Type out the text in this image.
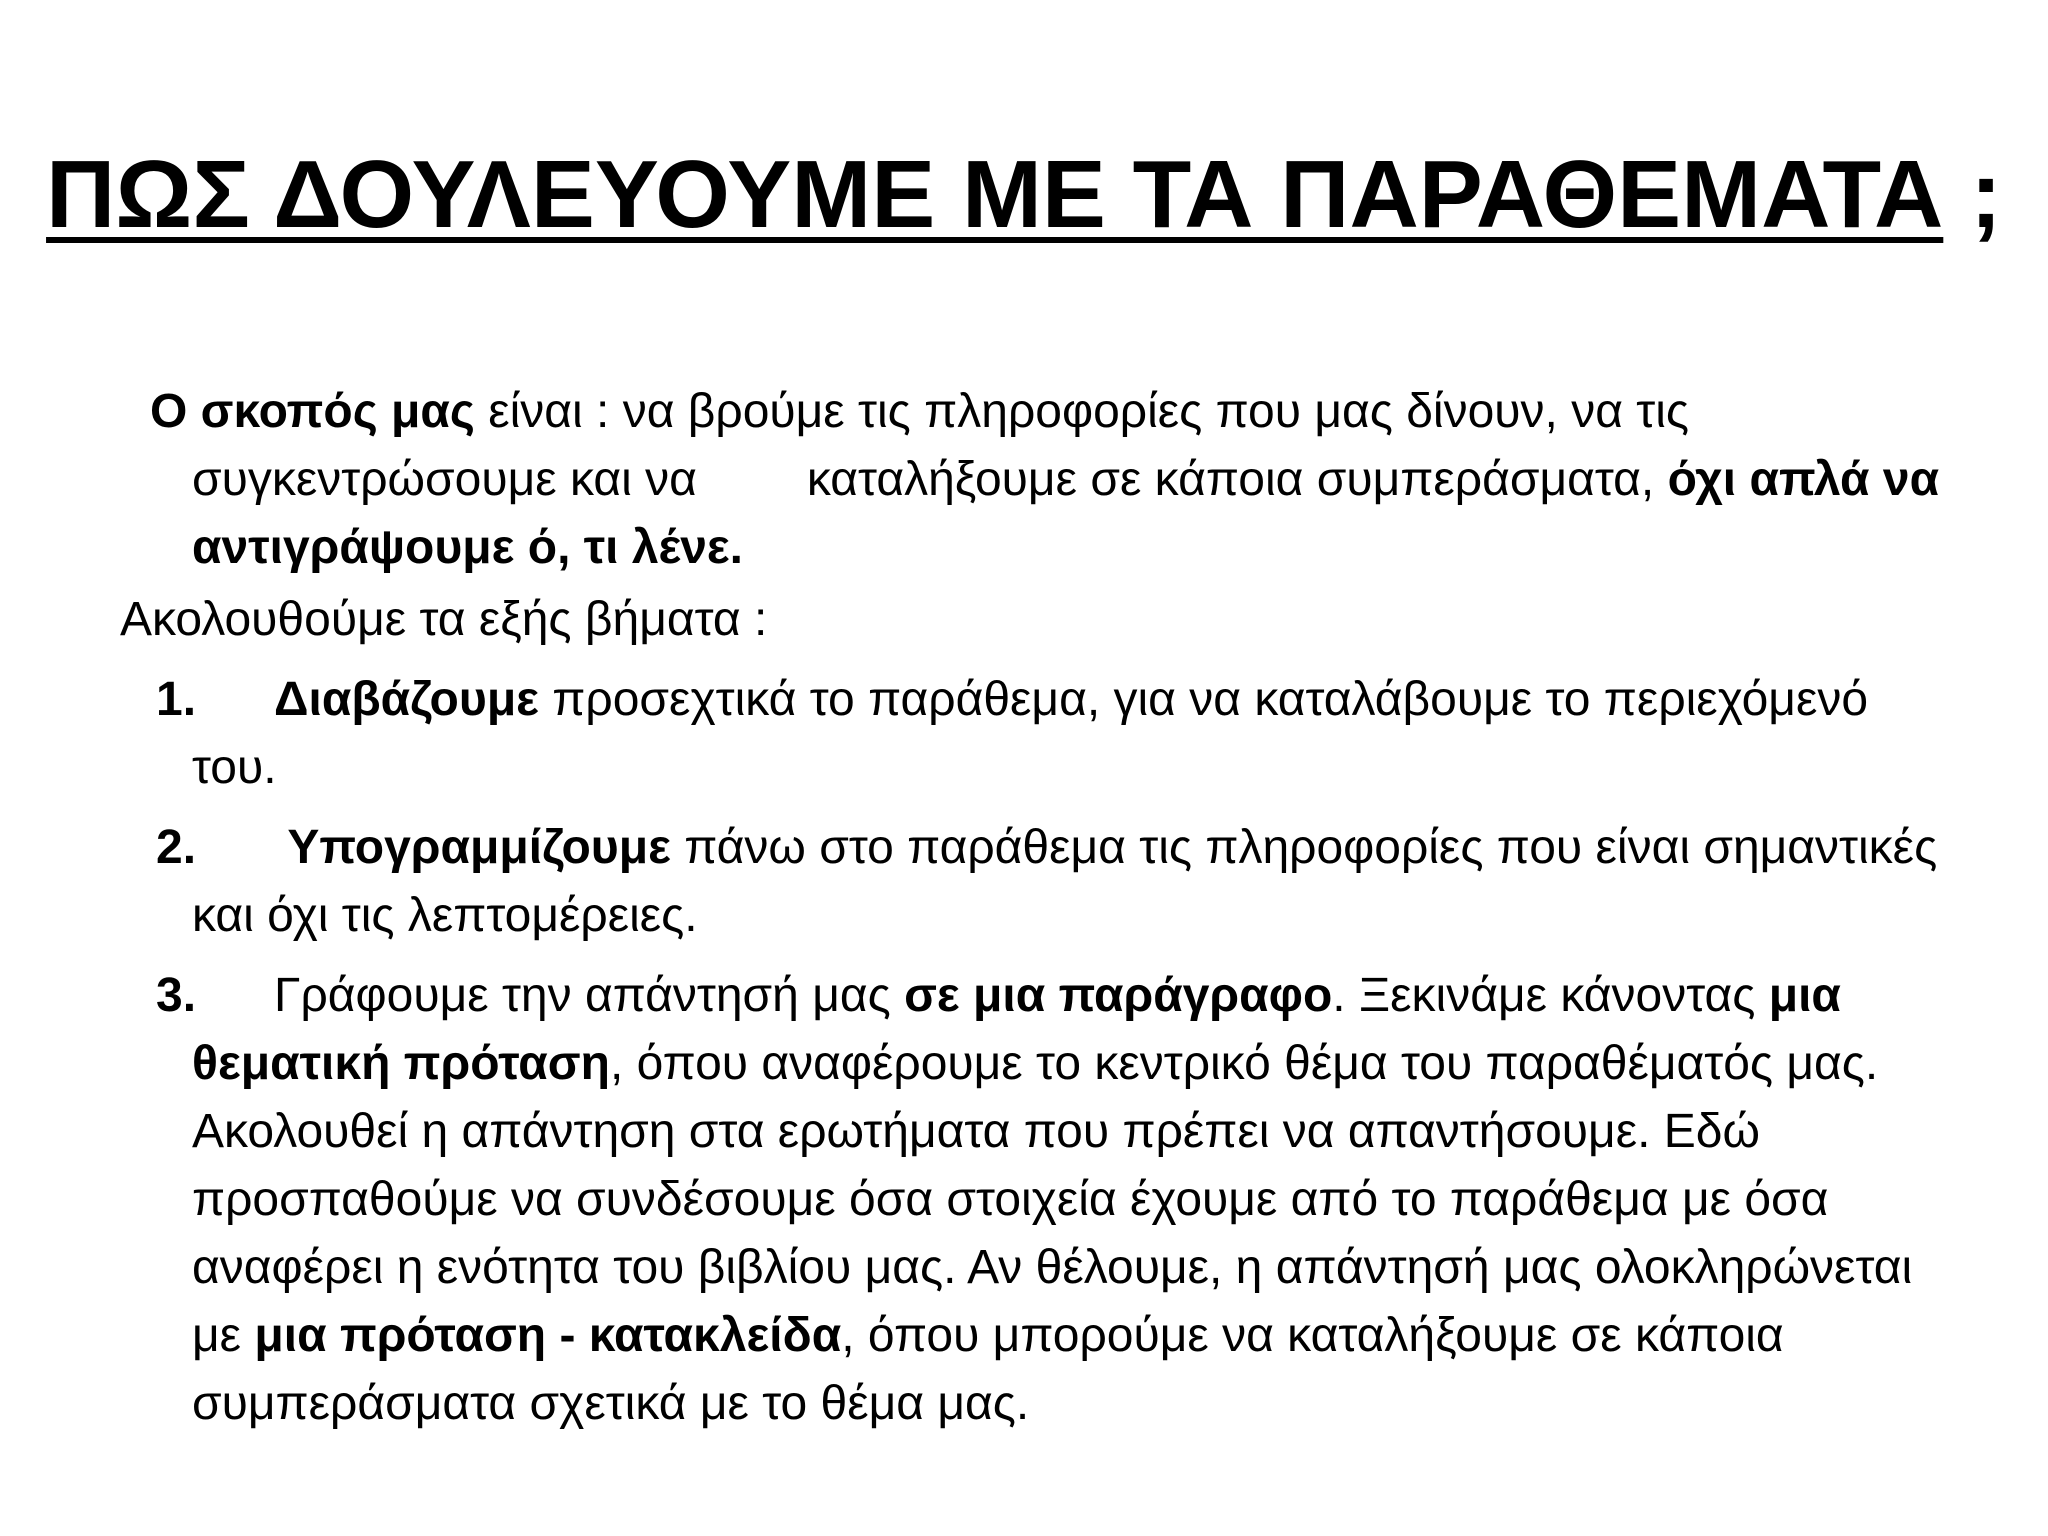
ΠΩΣ ΔΟΥΛΕΥΟΥΜΕ ΜΕ ΤΑ ΠΑΡΑΘΕΜΑΤΑ ;

Ο σκοπός μας είναι : να βρούμε τις πληροφορίες που μας δίνουν, να τις συγκεντρώσουμε και να καταλήξουμε σε κάποια συμπεράσματα, όχι απλά να αντιγράψουμε ό, τι λένε.

Ακολουθούμε τα εξής βήματα :

1. Διαβάζουμε προσεχτικά το παράθεμα, για να καταλάβουμε το περιεχόμενό του.

2. Υπογραμμίζουμε πάνω στο παράθεμα τις πληροφορίες που είναι σημαντικές και όχι τις λεπτομέρειες.

3. Γράφουμε την απάντησή μας σε μια παράγραφο. Ξεκινάμε κάνοντας μια θεματική πρόταση, όπου αναφέρουμε το κεντρικό θέμα του παραθέματός μας. Ακολουθεί η απάντηση στα ερωτήματα που πρέπει να απαντήσουμε. Εδώ προσπαθούμε να συνδέσουμε όσα στοιχεία έχουμε από το παράθεμα με όσα αναφέρει η ενότητα του βιβλίου μας. Αν θέλουμε, η απάντησή μας ολοκληρώνεται με μια πρόταση - κατακλείδα, όπου μπορούμε να καταλήξουμε σε κάποια συμπεράσματα σχετικά με το θέμα μας.
